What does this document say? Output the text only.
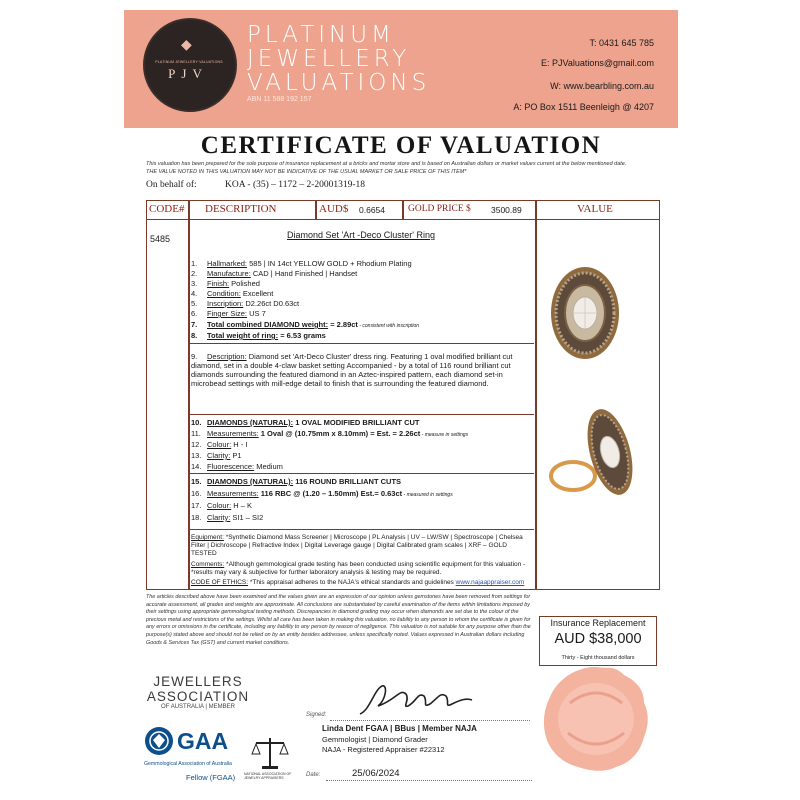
◆
PLATINUM JEWELLERY VALUATIONS
PJV
PLATINUM
JEWELLERY
VALUATIONS
ABN 11 588 192 157
T: 0431 645 785
E: PJValuations@gmail.com
W: www.bearbling.com.au
A: PO Box 1511 Beenleigh @ 4207
CERTIFICATE OF VALUATION
This valuation has been prepared for the sole purpose of insurance replacement at a bricks and mortar store and is based on Australian dollars or market values current at the below mentioned date.
THE VALUE NOTED IN THIS VALUATION MAY NOT BE INDICATIVE OF THE USUAL MARKET OR SALE PRICE OF THIS ITEM*
On behalf of:	KOA - (35) – 1172 – 2-20001319-18
CODE# DESCRIPTION	AUD$ 0.6654 GOLD PRICE $ 3500.89	VALUE
5485	Diamond Set 'Art -Deco Cluster' Ring
1. Hallmarked: 585 | IN 14ct YELLOW GOLD + Rhodium Plating
2. Manufacture: CAD | Hand Finished | Handset
3. Finish: Polished
4. Condition: Excellent
5. Inscription: D2.26ct D0.63ct
6. Finger Size: US 7
7. Total combined DIAMOND weight: = 2.89ct - consistent with inscription
8. Total weight of ring: = 6.53 grams
9. Description: Diamond set 'Art-Deco Cluster' dress ring. Featuring 1 oval modified brilliant cut diamond, set in a double 4-claw basket setting Accompanied - by a total of 116 round brilliant cut diamonds surrounding the featured diamond in an Aztec-inspired pattern, each diamond set-in microbead settings with mill-edge detail to finish that is surrounding the featured diamond.
10. DIAMONDS (NATURAL): 1 OVAL MODIFIED BRILLIANT CUT
11. Measurements: 1 Oval @ (10.75mm x 8.10mm) = Est. = 2.26ct - measure in settings
12. Colour: H - I
13. Clarity: P1
14. Fluorescence: Medium
15. DIAMONDS (NATURAL): 116 ROUND BRILLIANT CUTS
16. Measurements: 116 RBC @ (1.20 – 1.50mm) Est.= 0.63ct - measured in settings
17. Colour: H – K
18. Clarity: SI1 – SI2
Equipment: *Synthetic Diamond Mass Screener | Microscope | PL Analysis | UV – LW/SW | Spectroscope | Chelsea Filter | Dichroscope | Refractive Index | Digital Leverage gauge | Digital Calibrated gram scales | XRF – GOLD TESTED
Comments: *Although gemmological grade testing has been conducted using scientific equipment for this valuation - *results may vary & subjective for further laboratory analysis & testing may be required.
CODE OF ETHICS: *This appraisal adheres to the NAJA's ethical standards and guidelines www.najaappraiser.com
The articles described above have been examined and the values given are an expression of our opinion unless gemstones have been removed from settings for accurate assessment, all grades and weights are approximate. All conclusions are substantiated by careful examination of the items within limitations imposed by their settings using appropriate gemmological testing methods. Discrepancies in diamond grading may occur when diamonds are set due to the colour of the precious metal and restrictions of the settings. Whilst all care has been taken in making this valuation, no liability to any person to whom the certificate is given for any errors or omissions in the certificate, including any liability to any person by reason of negligence. This valuation is not suitable for any purpose other than the purpose(s) stated above and should not be relied on by an entity besides addressee, unless specifically noted. Values expressed in Australian dollars including Goods & Services Tax (GST) and current market conditions.
Insurance Replacement
AUD $38,000
Thirty - Eight thousand dollars
JEWELLERS
ASSOCIATION
OF AUSTRALIA | MEMBER
GAA
Gemmological Association of Australia
Fellow (FGAA)	NATIONAL ASSOCIATION OF JEWELRY APPRAISERS
Signed:
Linda Dent FGAA | BBus | Member NAJA
Gemmologist | Diamond Grader
NAJA - Registered Appraiser #22312
Date:	25/06/2024
